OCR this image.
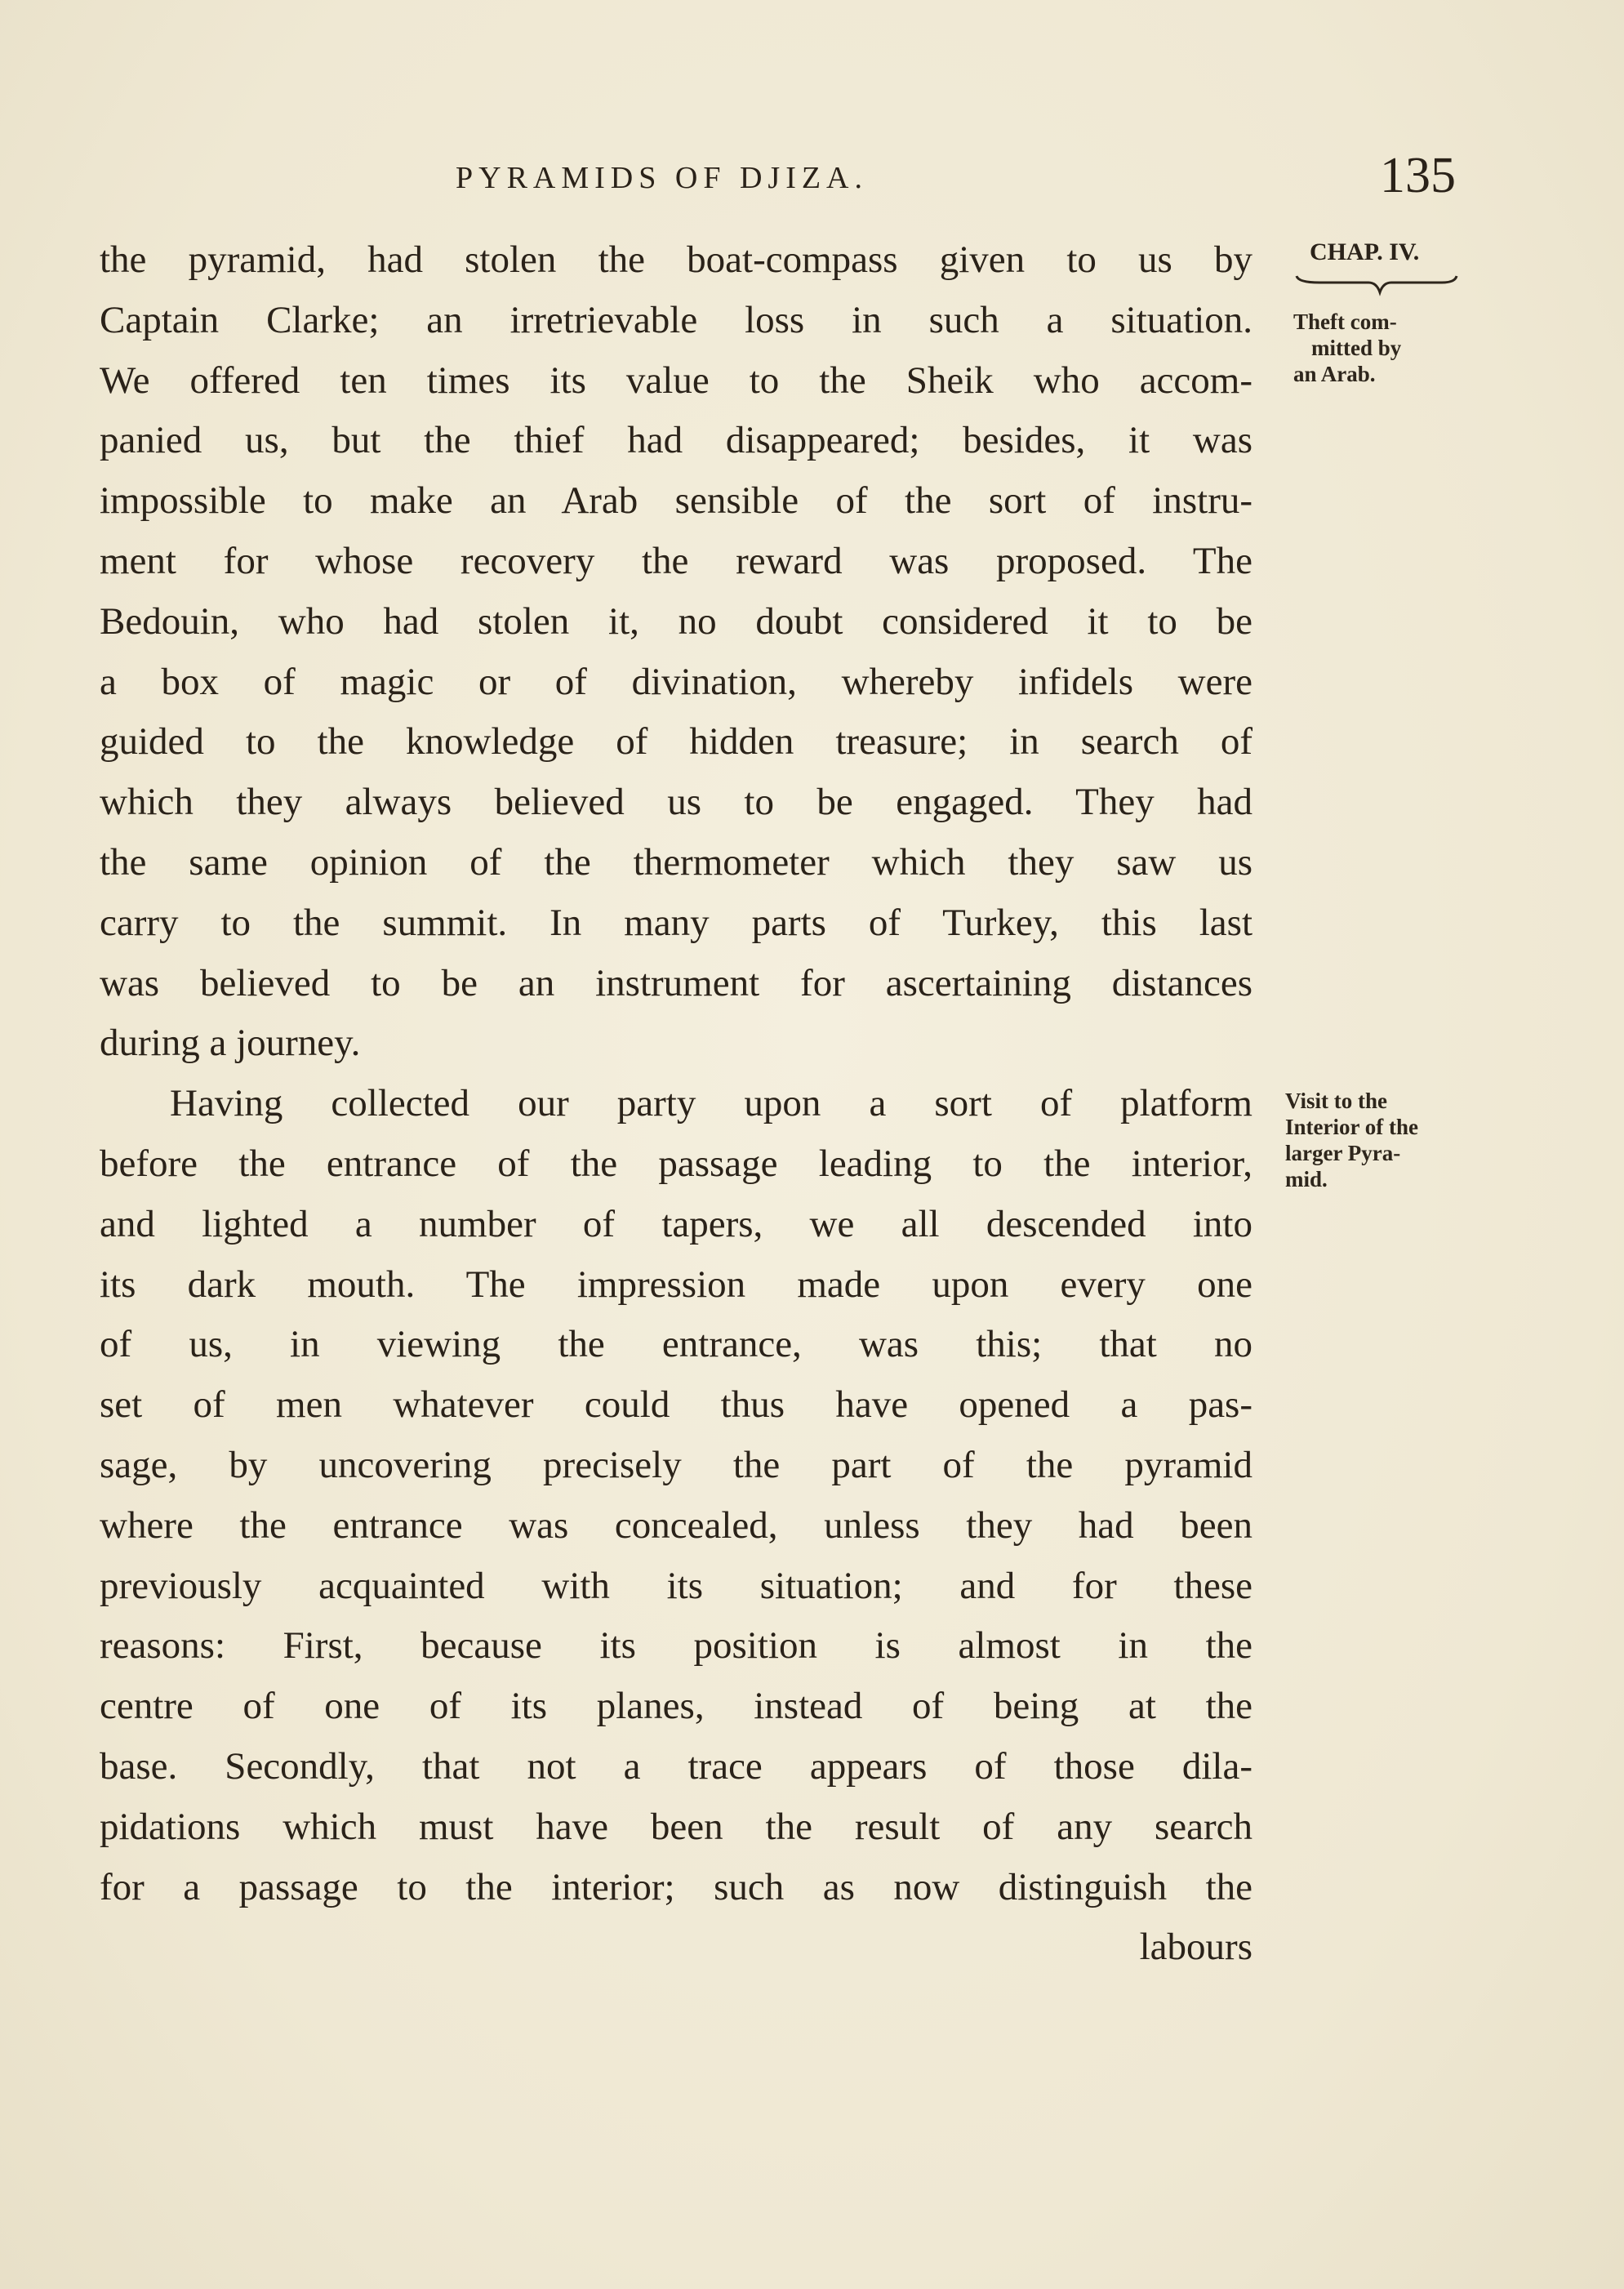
PYRAMIDS OF DJIZA.	135
CHAP. IV.
Theft com-
mitted by
an Arab.
Visit to the
Interior of the
larger Pyra-
mid.
the pyramid, had stolen the boat-compass given to us by
Captain Clarke; an irretrievable loss in such a situation.
We offered ten times its value to the Sheik who accom-
panied us, but the thief had disappeared; besides, it was
impossible to make an Arab sensible of the sort of instru-
ment for whose recovery the reward was proposed. The
Bedouin, who had stolen it, no doubt considered it to be
a box of magic or of divination, whereby infidels were
guided to the knowledge of hidden treasure; in search of
which they always believed us to be engaged. They had
the same opinion of the thermometer which they saw us
carry to the summit. In many parts of Turkey, this last
was believed to be an instrument for ascertaining distances
during a journey.
Having collected our party upon a sort of platform
before the entrance of the passage leading to the interior,
and lighted a number of tapers, we all descended into
its dark mouth. The impression made upon every one
of us, in viewing the entrance, was this; that no
set of men whatever could thus have opened a pas-
sage, by uncovering precisely the part of the pyramid
where the entrance was concealed, unless they had been
previously acquainted with its situation; and for these
reasons: First, because its position is almost in the
centre of one of its planes, instead of being at the
base. Secondly, that not a trace appears of those dila-
pidations which must have been the result of any search
for a passage to the interior; such as now distinguish the
labours
